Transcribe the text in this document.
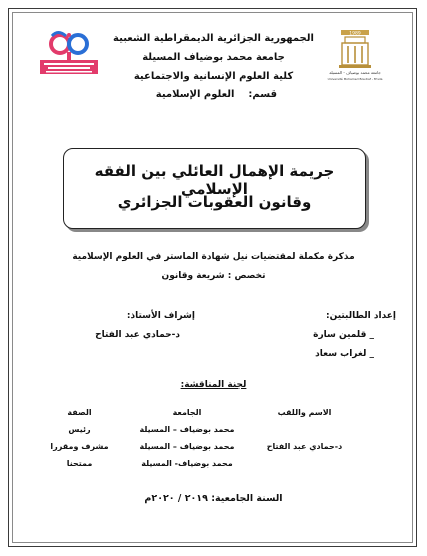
1989
جامعة محمد بوضياف - المسيلة
Université Mohamed Boudiaf - M'sila
الجمهورية الجزائرية الديمقراطية الشعبية
جامعة محمد بوضياف المسيلة
كلية العلوم الإنسانية والاجتماعية
قسم:العلوم الإسلامية
جريمة الإهمال العائلي بين الفقه الإسلامي
وقانون العقوبات الجزائري
مذكرة مكملة لمقتضيات نيل شهادة الماستر في العلوم الإسلامية
تخصص : شريعة وقانون
إعداد الطالبتين:
_ قلمين سارة
_ لغراب سعاد
إشراف الأستاذ:
د-حمادي عبد الفتاح
لجنة المناقشة:
الاسم واللقب	الجامعة	الصفة
	محمد بوضياف – المسيلة	رئيس
د-حمادي عبد الفتاح	محمد بوضياف – المسيلة	مشرف ومقررا
	محمد بوضياف- المسيلة	ممتحنا
السنة الجامعية: ٢٠١٩ / ٢٠٢٠م
